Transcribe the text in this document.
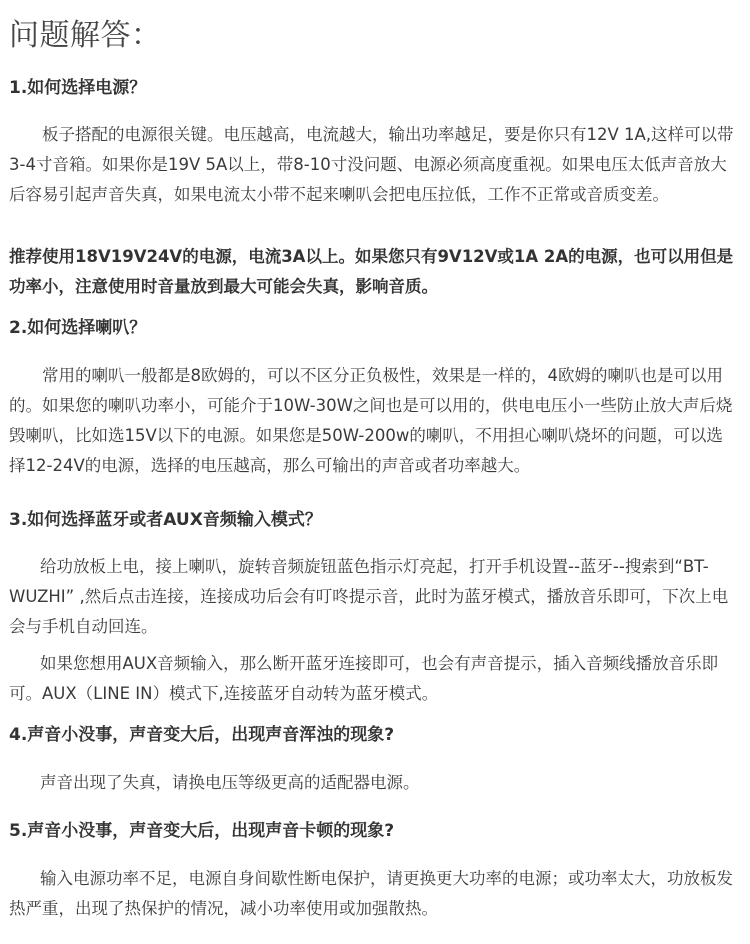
问题解答：
1.如何选择电源？

板子搭配的电源很关键。电压越高，电流越大，输出功率越足，要是你只有12V 1A,这样可以带3-4寸音箱。如果你是19V 5A以上，带8-10寸没问题、电源必须高度重视。如果电压太低声音放大后容易引起声音失真，如果电流太小带不起来喇叭会把电压拉低，工作不正常或音质变差。

推荐使用18V19V24V的电源，电流3A以上。如果您只有9V12V或1A 2A的电源，也可以用但是功率小，注意使用时音量放到最大可能会失真，影响音质。

2.如何选择喇叭？

常用的喇叭一般都是8欧姆的，可以不区分正负极性，效果是一样的，4欧姆的喇叭也是可以用的。如果您的喇叭功率小，可能介于10W-30W之间也是可以用的，供电电压小一些防止放大声后烧毁喇叭，比如选15V以下的电源。如果您是50W-200w的喇叭，不用担心喇叭烧坏的问题，可以选择12-24V的电源，选择的电压越高，那么可输出的声音或者功率越大。

3.如何选择蓝牙或者AUX音频输入模式？

给功放板上电，接上喇叭，旋转音频旋钮蓝色指示灯亮起，打开手机设置--蓝牙--搜索到“BT-WUZHI” ,然后点击连接，连接成功后会有叮咚提示音，此时为蓝牙模式，播放音乐即可，下次上电会与手机自动回连。

如果您想用AUX音频输入，那么断开蓝牙连接即可，也会有声音提示，插入音频线播放音乐即可。AUX（LINE IN）模式下,连接蓝牙自动转为蓝牙模式。

4.声音小没事，声音变大后，出现声音浑浊的现象?

声音出现了失真，请换电压等级更高的适配器电源。

5.声音小没事，声音变大后，出现声音卡顿的现象?

输入电源功率不足，电源自身间歇性断电保护，请更换更大功率的电源；或功率太大，功放板发热严重，出现了热保护的情况，减小功率使用或加强散热。
